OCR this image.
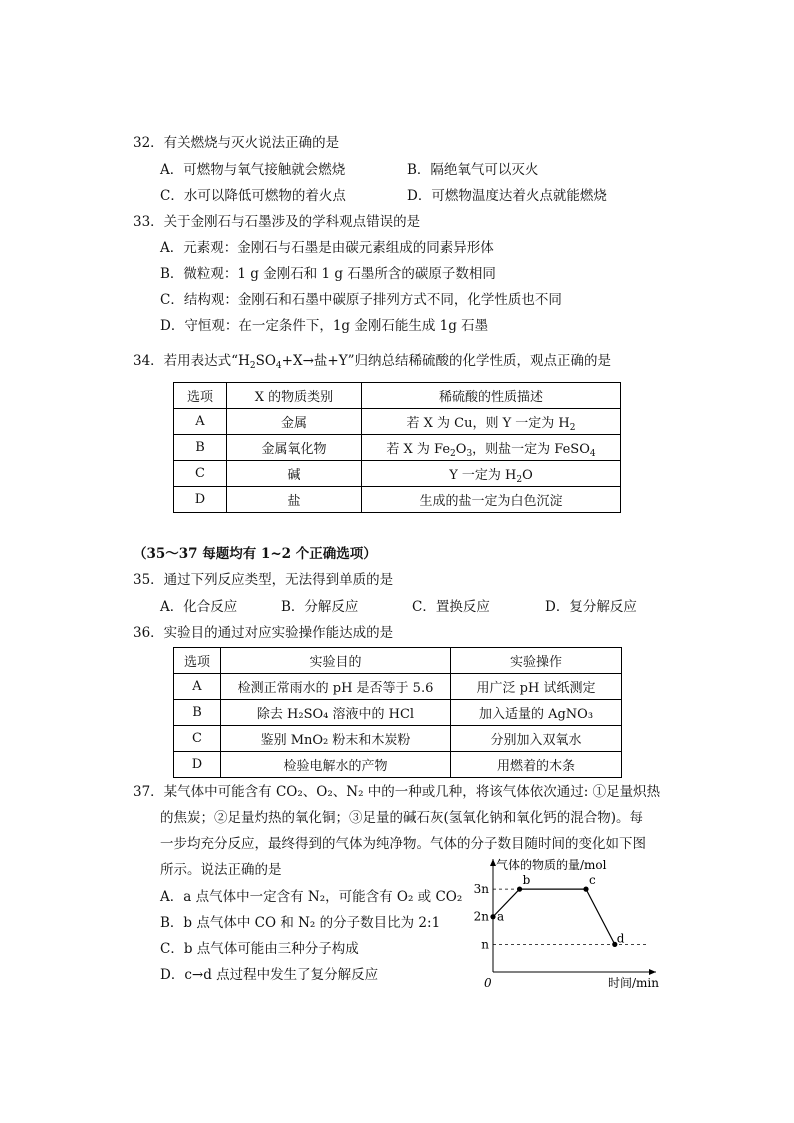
32．有关燃烧与灭火说法正确的是
A．可燃物与氧气接触就会燃烧	B．隔绝氧气可以灭火
C．水可以降低可燃物的着火点	D．可燃物温度达着火点就能燃烧
33．关于金刚石与石墨涉及的学科观点错误的是
A．元素观：金刚石与石墨是由碳元素组成的同素异形体
B．微粒观：1 g 金刚石和 1 g 石墨所含的碳原子数相同
C．结构观：金刚石和石墨中碳原子排列方式不同，化学性质也不同
D．守恒观：在一定条件下，1g 金刚石能生成 1g 石墨
34．若用表达式“$H_2SO_4+X\to$盐+Y”归纳总结稀硫酸的化学性质，观点正确的是
选项	X 的物质类别	稀硫酸的性质描述
A	金属	若 X 为 Cu，则 Y 一定为 $H_2$
B	金属氧化物	若 X 为 $Fe_2O_3$，则盐一定为 FeSO$_4$
C	碱	Y 一定为 $H_2O$
D	盐	生成的盐一定为白色沉淀
（35～37 每题均有 1~2 个正确选项）
35．通过下列反应类型，无法得到单质的是
A．化合反应	B．分解反应	C．置换反应	D．复分解反应
36．实验目的通过对应实验操作能达成的是
选项	实验目的	实验操作
A	检测正常雨水的 pH 是否等于 5.6	用广泛 pH 试纸测定
B	除去 H₂SO₄ 溶液中的 HCl	加入适量的 AgNO₃
C	鉴别 MnO₂ 粉末和木炭粉	分别加入双氧水
D	检验电解水的产物	用燃着的木条
37．某气体中可能含有 CO₂、O₂、N₂ 中的一种或几种，将该气体依次通过: ①足量炽热
的焦炭；②足量灼热的氧化铜；③足量的碱石灰(氢氧化钠和氧化钙的混合物)。每
一步均充分反应，最终得到的气体为纯净物。气体的分子数目随时间的变化如下图
所示。说法正确的是
A．a 点气体中一定含有 N₂，可能含有 O₂ 或 CO₂
B．b 点气体中 CO 和 N₂ 的分子数目比为 2:1
C．b 点气体可能由三种分子构成
D．c→d 点过程中发生了复分解反应
气体的物质的量/mol
时间/min
0
3n
2n
n
a
b	c
d
